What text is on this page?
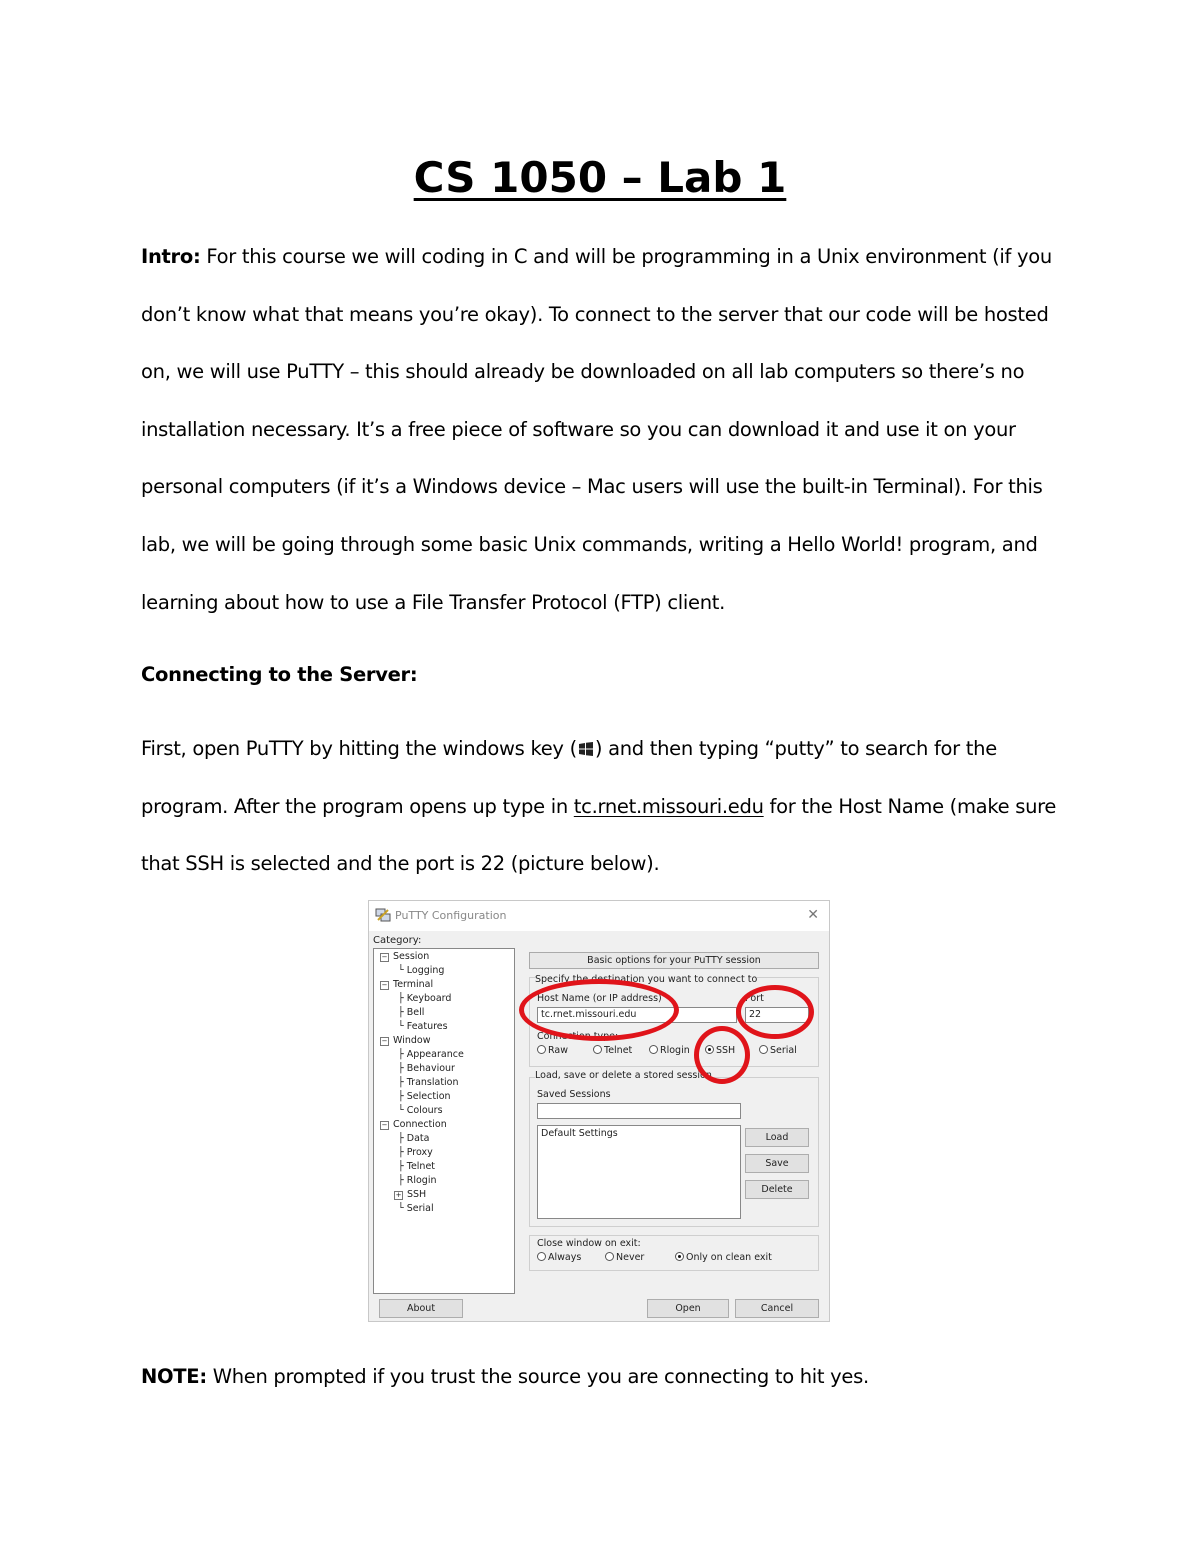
CS 1050 – Lab 1
Intro: For this course we will coding in C and will be programming in a Unix environment (if you don’t know what that means you’re okay). To connect to the server that our code will be hosted on, we will use PuTTY – this should already be downloaded on all lab computers so there’s no installation necessary. It’s a free piece of software so you can download it and use it on your personal computers (if it’s a Windows device – Mac users will use the built-in Terminal). For this lab, we will be going through some basic Unix commands, writing a Hello World! program, and learning about how to use a File Transfer Protocol (FTP) client.
Connecting to the Server:
First, open PuTTY by hitting the windows key ( ) and then typing “putty” to search for the program. After the program opens up type in tc.rnet.missouri.edu for the Host Name (make sure that SSH is selected and the port is 22 (picture below).
PuTTY Configuration	✕
Category:
− Session
└ Logging
− Terminal
├ Keyboard
├ Bell
└ Features
− Window
├ Appearance
├ Behaviour
├ Translation
├ Selection
└ Colours
− Connection
├ Data
├ Proxy
├ Telnet
├ Rlogin
+ SSH
└ Serial
Basic options for your PuTTY session
Specify the destination you want to connect to
Host Name (or IP address)
tc.rnet.missouri.edu
Port
22
Connection type:
Raw	Telnet	Rlogin	SSH	Serial
Load, save or delete a stored session
Saved Sessions
Default Settings	Load
Save
Delete
Close window on exit:
Always	Never	Only on clean exit
About	Open	Cancel
NOTE: When prompted if you trust the source you are connecting to hit yes.
